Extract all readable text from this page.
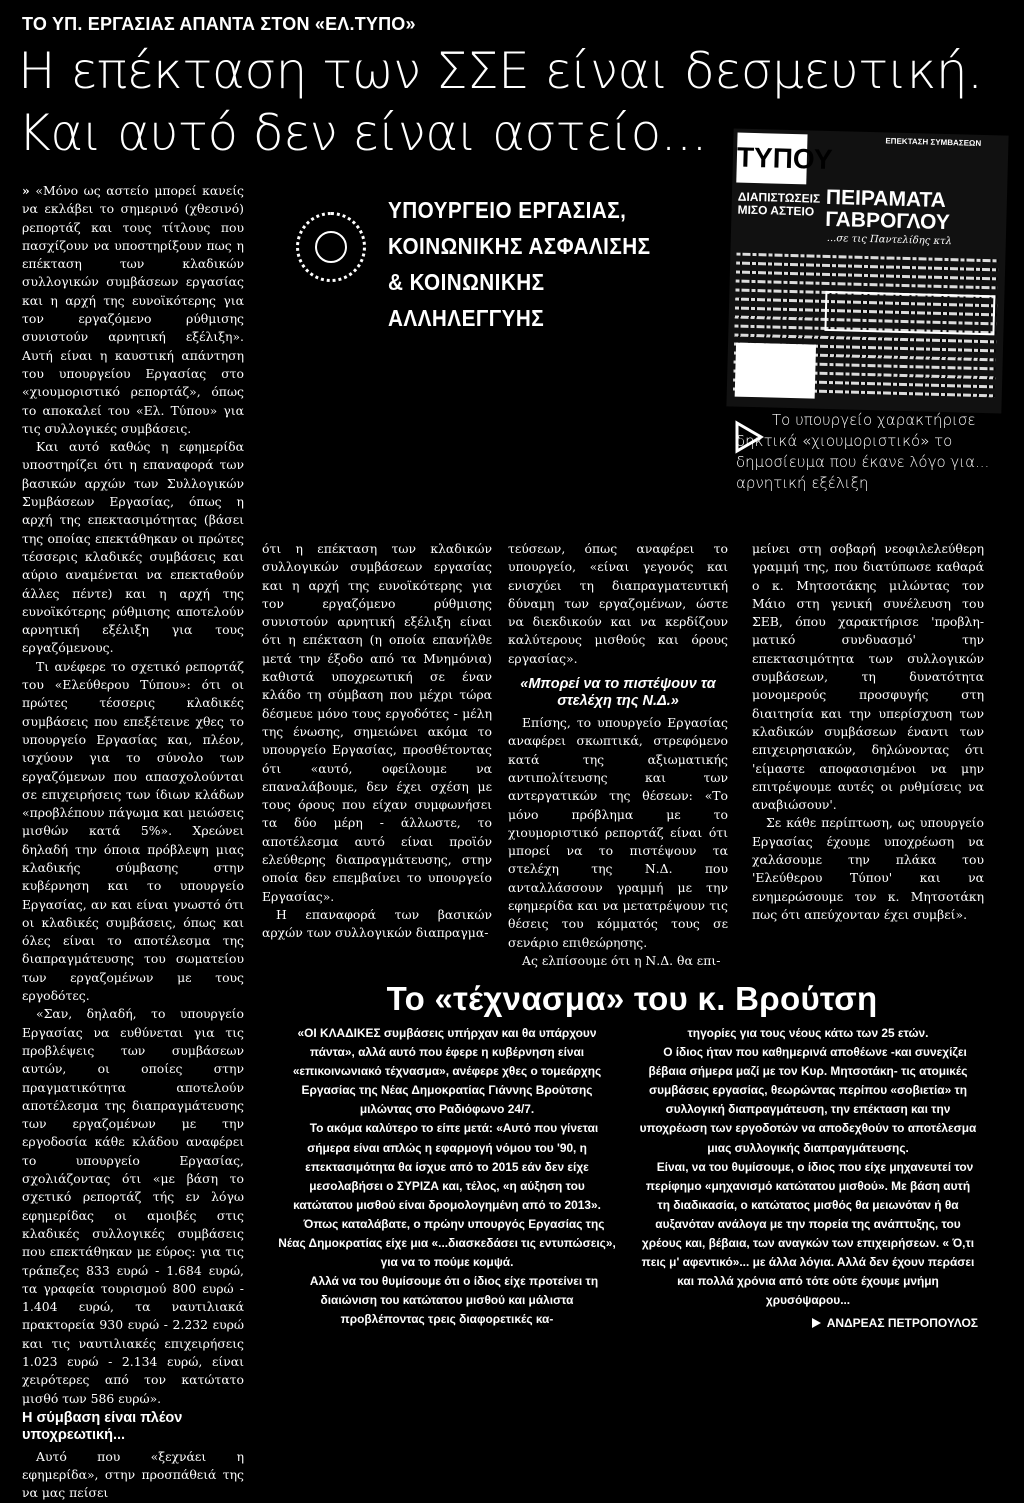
ΤΟ ΥΠ. ΕΡΓΑΣΙΑΣ ΑΠΑΝΤΑ ΣΤΟΝ «ΕΛ.ΤΥΠΟ»
Η επέκταση των ΣΣΕ είναι δεσμευτική.
Και αυτό δεν είναι αστείο...
ΥΠΟΥΡΓΕΙΟ ΕΡΓΑΣΙΑΣ,
ΚΟΙΝΩΝΙΚΗΣ ΑΣΦΑΛΙΣΗΣ
& ΚΟΙΝΩΝΙΚΗΣ ΑΛΛΗΛΕΓΓΥΗΣ
ΤΥΠΟΥ	ΕΠΕΚΤΑΣΗ ΣΥΜΒΑΣΕΩΝ
ΔΙΑΠΙΣΤΩΣΕΙΣ ΜΙΣΟ ΑΣΤΕΙΟ ΠΕΙΡΑΜΑΤΑ ΓΑΒΡΟΓΛΟΥ
...σε τις Παντελίδης κτλ
Το υπουργείο χαρακτήρισε δηκτικά «χιουμοριστικό» το δημοσίευμα που έκανε λόγο για... αρνητική εξέλιξη

» «Μόνο ως αστείο μπορεί κανείς να εκλάβει το σημερινό (χθεσινό) ρεπορτάζ και τους τίτλους που πασχίζουν να υποστηρίξουν πως η επέκταση των κλαδικών συλλογικών συμβάσεων εργασίας και η αρχή της ευνοϊκότερης για τον εργαζόμενο ρύθμισης συνιστούν αρνητική εξέλιξη». Αυτή είναι η καυστική απάντηση του υπουργείου Εργασίας στο «χιουμοριστικό ρεπορτάζ», όπως το αποκαλεί του «Ελ. Τύπου» για τις συλλογικές συμβάσεις.

Και αυτό καθώς η εφημερίδα υποστηρίζει ότι η επαναφορά των βασικών αρχών των Συλλογικών Συμβάσεων Εργασίας, όπως η αρχή της επεκτασιμότητας (βάσει της οποίας επεκτάθηκαν οι πρώτες τέσσερις κλαδικές συμβάσεις και αύριο αναμένεται να επεκταθούν άλλες πέντε) και η αρχή της ευνοϊκότερης ρύθμισης αποτελούν αρνητική εξέλιξη για τους εργαζόμενους.

Τι ανέφερε το σχετικό ρεπορτάζ του «Ελεύθερου Τύπου»: ότι οι πρώτες τέσσερις κλαδικές συμβάσεις που επεξέτεινε χθες το υπουργείο Εργασίας και, πλέον, ισχύουν για το σύνολο των εργαζόμενων που απασχολούνται σε επιχειρήσεις των ίδιων κλάδων «προβλέπουν πάγωμα και μειώσεις μισθών κατά 5%». Χρεώνει δηλαδή την όποια πρόβλεψη μιας κλαδικής σύμβασης στην κυβέρνηση και το υπουργείο Εργασίας, αν και είναι γνωστό ότι οι κλαδικές συμβάσεις, όπως και όλες είναι το αποτέλεσμα της διαπραγμάτευσης του σωματείου των εργαζομένων με τους εργοδότες.

«Σαν, δηλαδή, το υπουργείο Εργασίας να ευθύνεται για τις προβλέψεις των συμβάσεων αυτών, οι οποίες στην πραγματικότητα αποτελούν αποτέλεσμα της διαπραγμάτευσης των εργαζομένων με την εργοδοσία κάθε κλάδου αναφέρει το υπουργείο Εργασίας, σχολιάζοντας ότι «με βάση το σχετικό ρεπορτάζ τής εν λόγω εφημερίδας οι αμοιβές στις κλαδικές συλλογικές συμβάσεις που επεκτάθηκαν με εύρος: για τις τράπεζες 833 ευρώ - 1.684 ευρώ, τα γραφεία τουρισμού 800 ευρώ - 1.404 ευρώ, τα ναυτιλιακά πρακτορεία 930 ευρώ - 2.232 ευρώ και τις ναυτιλιακές επιχειρήσεις 1.023 ευρώ - 2.134 ευρώ, είναι χειρότερες από τον κατώτατο μισθό των 586 ευρώ».

Η σύμβαση είναι πλέον υποχρεωτική...

Αυτό που «ξεχνάει η εφημερίδα», στην προσπάθειά της να μας πείσει

ότι η επέκταση των κλαδικών συλλογικών συμβάσεων εργασίας και η αρχή της ευνοϊκότερης για τον εργαζόμενο ρύθμισης συνιστούν αρνητική εξέλιξη είναι ότι η επέκταση (η οποία επανήλθε μετά την έξοδο από τα Μνημόνια) καθιστά υποχρεωτική σε έναν κλάδο τη σύμβαση που μέχρι τώρα δέσμευε μόνο τους εργοδότες - μέλη της ένωσης, σημειώνει ακόμα το υπουργείο Εργασίας, προσθέτοντας ότι «αυτό, οφείλουμε να επαναλάβουμε, δεν έχει σχέση με τους όρους που είχαν συμφωνήσει τα δύο μέρη - άλλωστε, το αποτέλεσμα αυτό είναι προϊόν ελεύθερης διαπραγμάτευσης, στην οποία δεν επεμβαίνει το υπουργείο Εργασίας».

Η επαναφορά των βασικών αρχών των συλλογικών διαπραγμα-

τεύσεων, όπως αναφέρει το υπουργείο, «είναι γεγονός και ενισχύει τη διαπραγματευτική δύναμη των εργαζομένων, ώστε να διεκδικούν και να κερδίζουν καλύτερους μισθούς και όρους εργασίας».

«Μπορεί να το πιστέψουν τα στελέχη της Ν.Δ.»

Επίσης, το υπουργείο Εργασίας αναφέρει σκωπτικά, στρεφόμενο κατά της αξιωματικής αντιπολίτευσης και των αντεργατικών της θέσεων: «Το μόνο πρόβλημα με το χιουμοριστικό ρεπορτάζ είναι ότι μπορεί να το πιστέψουν τα στελέχη της Ν.Δ. που ανταλλάσσουν γραμμή με την εφημερίδα και να μετατρέψουν τις θέσεις του κόμματός τους σε σενάριο επιθεώρησης.

Ας ελπίσουμε ότι η Ν.Δ. θα επι-

μείνει στη σοβαρή νεοφιλελεύθερη γραμμή της, που διατύπωσε καθαρά ο κ. Μητσοτάκης μιλώντας τον Μάιο στη γενική συνέλευση του ΣΕΒ, όπου χαρακτήρισε 'προβληματικό συνδυασμό' την επεκτασιμότητα των συλλογικών συμβάσεων, τη δυνατότητα μονομερούς προσφυγής στη διαιτησία και την υπερίσχυση των κλαδικών συμβάσεων έναντι των επιχειρησιακών, δηλώνοντας ότι 'είμαστε αποφασισμένοι να μην επιτρέψουμε αυτές οι ρυθμίσεις να αναβιώσουν'.

Σε κάθε περίπτωση, ως υπουργείο Εργασίας έχουμε υποχρέωση να χαλάσουμε την πλάκα του 'Ελεύθερου Τύπου' και να ενημερώσουμε τον κ. Μητσοτάκη πως ότι απεύχονταν έχει συμβεί».

Το «τέχνασμα» του κ. Βρούτση

«ΟΙ ΚΛΑΔΙΚΕΣ συμβάσεις υπήρχαν και θα υπάρχουν πάντα», αλλά αυτό που έφερε η κυβέρνηση είναι «επικοινωνιακό τέχνασμα», ανέφερε χθες ο τομεάρχης Εργασίας της Νέας Δημοκρατίας Γιάννης Βρούτσης μιλώντας στο Ραδιόφωνο 24/7.

Το ακόμα καλύτερο το είπε μετά: «Αυτό που γίνεται σήμερα είναι απλώς η εφαρμογή νόμου του '90, η επεκτασιμότητα θα ίσχυε από το 2015 εάν δεν είχε μεσολαβήσει ο ΣΥΡΙΖΑ και, τέλος, «η αύξηση του κατώτατου μισθού είναι δρομολογημένη από το 2013».

Όπως καταλάβατε, ο πρώην υπουργός Εργασίας της Νέας Δημοκρατίας είχε μια «...διασκεδάσει τις εντυπώσεις», για να το πούμε κομψά.

Αλλά να του θυμίσουμε ότι ο ίδιος είχε προτείνει τη διαιώνιση του κατώτατου μισθού και μάλιστα προβλέποντας τρεις διαφορετικές κα-

τηγορίες για τους νέους κάτω των 25 ετών.

Ο ίδιος ήταν που καθημερινά αποθέωνε -και συνεχίζει βέβαια σήμερα μαζί με τον Κυρ. Μητσοτάκη- τις ατομικές συμβάσεις εργασίας, θεωρώντας περίπου «σοβιετία» τη συλλογική διαπραγμάτευση, την επέκταση και την υποχρέωση των εργοδοτών να αποδεχθούν το αποτέλεσμα μιας συλλογικής διαπραγμάτευσης.

Είναι, να του θυμίσουμε, ο ίδιος που είχε μηχανευτεί τον περίφημο «μηχανισμό κατώτατου μισθού». Με βάση αυτή τη διαδικασία, ο κατώτατος μισθός θα μειωνόταν ή θα αυξανόταν ανάλογα με την πορεία της ανάπτυξης, του χρέους και, βέβαια, των αναγκών των επιχειρήσεων. « Ό,τι πεις μ' αφεντικό»... με άλλα λόγια. Αλλά δεν έχουν περάσει και πολλά χρόνια από τότε ούτε έχουμε μνήμη χρυσόψαρου...

ΑΝΔΡΕΑΣ ΠΕΤΡΟΠΟΥΛΟΣ
